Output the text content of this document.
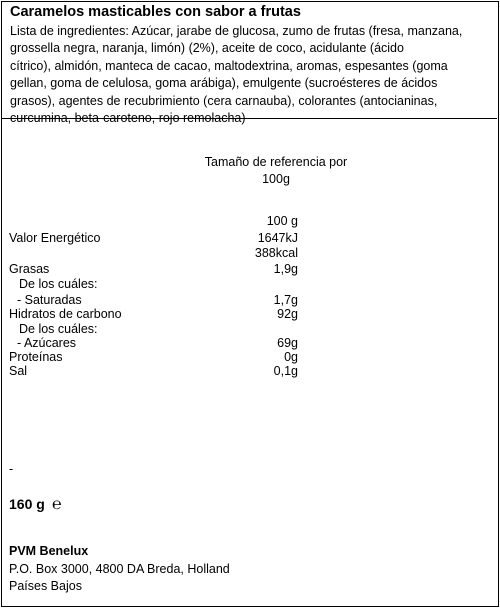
Caramelos masticables con sabor a frutas
Lista de ingredientes: Azúcar, jarabe de glucosa, zumo de frutas (fresa, manzana,
grossella negra, naranja, limón) (2%), aceite de coco, acidulante (ácido
cítrico), almidón, manteca de cacao, maltodextrina, aromas, espesantes (goma
gellan, goma de celulosa, goma arábiga), emulgente (sucroésteres de ácidos
grasos), agentes de recubrimiento (cera carnauba), colorantes (antocianinas,
curcumina, beta-caroteno, rojo remolacha)
Tamaño de referencia por
100g
100 g
Valor Energético	1647kJ
388kcal
Grasas	1,9g
De los cuáles:
- Saturadas	1,7g
Hidratos de carbono	92g
De los cuáles:
- Azúcares	69g
Proteínas	0g
Sal	0,1g
-
160 g ℮
PVM Benelux
P.O. Box 3000, 4800 DA Breda, Holland
Países Bajos
